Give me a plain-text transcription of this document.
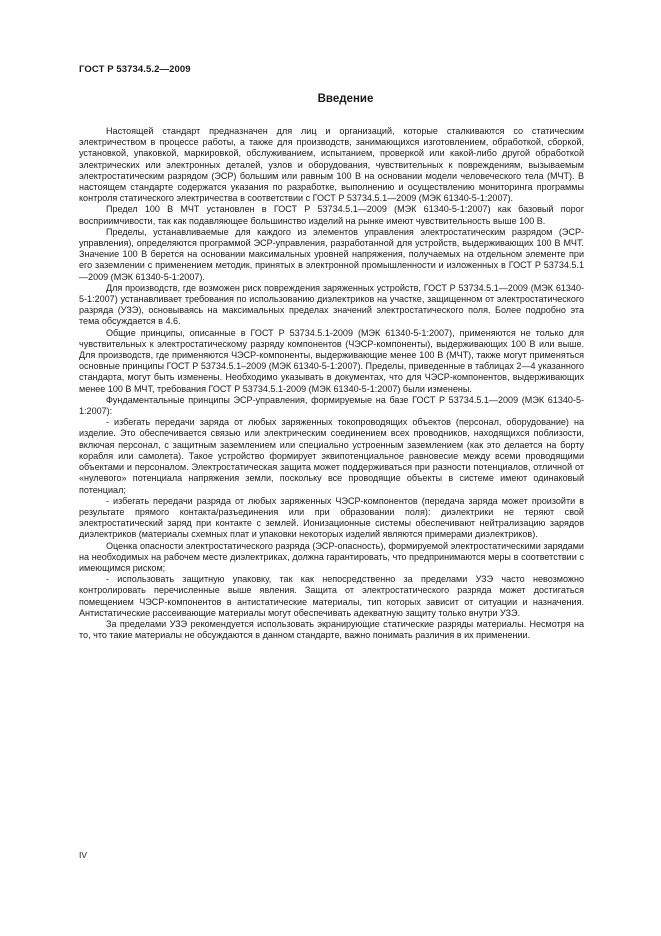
ГОСТ Р 53734.5.2—2009
Введение

Настоящей стандарт предназначен для лиц и организаций, которые сталкиваются со статическим электричеством в процессе работы, а также для производств, занимающихся изготовлением, обработкой, сборкой, установкой, упаковкой, маркировкой, обслуживанием, испытанием, проверкой или какой-либо другой обработкой электрических или электронных деталей, узлов и оборудования, чувствительных к повреждениям, вызываемым электростатическим разрядом (ЭСР) большим или равным 100 В на основании модели человеческого тела (МЧТ). В настоящем стандарте содержатся указания по разработке, выполнению и осуществлению мониторинга программы контроля статического электричества в соответствии с ГОСТ Р 53734.5.1—2009 (МЭК 61340-5-1:2007).

Предел 100 В МЧТ установлен в ГОСТ Р 53734.5.1—2009 (МЭК 61340-5-1:2007) как базовый порог восприимчивости, так как подавляющее большинство изделий на рынке имеют чувствительность выше 100 В.

Пределы, устанавливаемые для каждого из элементов управления электростатическим разрядом (ЭСР-управления), определяются программой ЭСР-управления, разработанной для устройств, выдерживающих 100 В МЧТ. Значение 100 В берется на основании максимальных уровней напряжения, получаемых на отдельном элементе при его заземлении с применением методик, принятых в электронной промышленности и изложенных в ГОСТ Р 53734.5.1—2009 (МЭК 61340-5-1:2007).

Для производств, где возможен риск повреждения заряженных устройств, ГОСТ Р 53734.5.1—2009 (МЭК 61340-5-1:2007) устанавливает требования по использованию диэлектриков на участке, защищенном от электростатического разряда (УЗЭ), основываясь на максимальных пределах значений электростатического поля. Более подробно эта тема обсуждается в 4.6.

Общие принципы, описанные в ГОСТ Р 53734.5.1-2009 (МЭК 61340-5-1:2007), применяются не только для чувствительных к электростатическому разряду компонентов (ЧЭСР-компоненты), выдерживающих 100 В или выше. Для производств, где применяются ЧЭСР-компоненты, выдерживающие менее 100 В (МЧТ), также могут применяться основные принципы ГОСТ Р 53734.5.1–2009 (МЭК 61340-5-1:2007). Пределы, приведенные в таблицах 2—4 указанного стандарта, могут быть изменены. Необходимо указывать в документах, что для ЧЭСР-компонентов, выдерживающих менее 100 В МЧТ, требования ГОСТ Р 53734.5.1-2009 (МЭК 61340-5-1:2007) были изменены.

Фундаментальные принципы ЭСР-управления, формируемые на базе ГОСТ Р 53734.5.1—2009 (МЭК 61340-5-1:2007):

- избегать передачи заряда от любых заряженных токопроводящих объектов (персонал, оборудование) на изделие. Это обеспечивается связью или электрическим соединением всех проводников, находящихся поблизости, включая персонал, с защитным заземлением или специально устроенным заземлением (как это делается на борту корабля или самолета). Такое устройство формирует эквипотенциальное равновесие между всеми проводящими объектами и персоналом. Электростатическая защита может поддерживаться при разности потенциалов, отличной от «нулевого» потенциала напряжения земли, поскольку все проводящие объекты в системе имеют одинаковый потенциал;

- избегать передачи разряда от любых заряженных ЧЭСР-компонентов (передача заряда может произойти в результате прямого контакта/разъединения или при образовании поля): диэлектрики не теряют свой электростатический заряд при контакте с землей. Ионизационные системы обеспечивают нейтрализацию зарядов диэлектриков (материалы схемных плат и упаковки некоторых изделий являются примерами диэлектриков).

Оценка опасности электростатического разряда (ЭСР-опасность), формируемой электростатическими зарядами на необходимых на рабочем месте диэлектриках, должна гарантировать, что предпринимаются меры в соответствии с имеющимся риском;

- использовать защитную упаковку, так как непосредственно за пределами УЗЭ часто невозможно контролировать перечисленные выше явления. Защита от электростатического разряда может достигаться помещением ЧЭСР-компонентов в антистатические материалы, тип которых зависит от ситуации и назначения. Антистатические рассеивающие материалы могут обеспечивать адекватную защиту только внутри УЗЭ.

За пределами УЗЭ рекомендуется использовать экранирующие статические разряды материалы. Несмотря на то, что такие материалы не обсуждаются в данном стандарте, важно понимать различия в их применении.

IV
